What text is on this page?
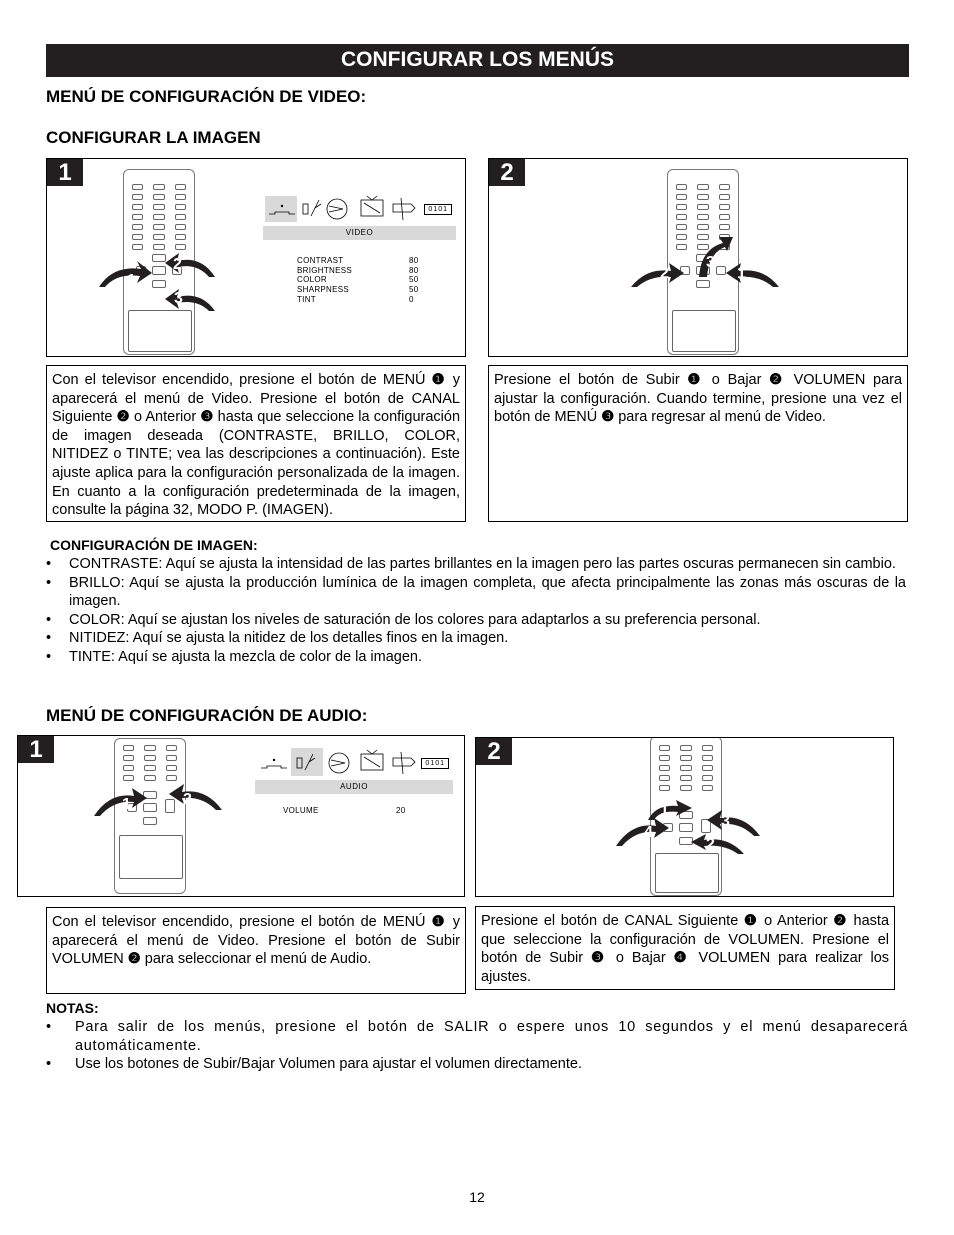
CONFIGURAR LOS MENÚS
MENÚ DE CONFIGURACIÓN DE VIDEO:
CONFIGURAR LA IMAGEN
1
1
2
3
0101
VIDEO
CONTRAST	80
BRIGHTNESS	80
COLOR	50
SHARPNESS	50
TINT	0
2
2
3
1
Con el televisor encendido, presione el botón de MENÚ ❶ y aparecerá el menú de Video. Presione el botón de CANAL Siguiente ❷ o Anterior ❸ hasta que seleccione la configuración de imagen deseada (CONTRASTE, BRILLO, COLOR, NITIDEZ o TINTE; vea las descripciones a continuación). Este ajuste aplica para la configuración personalizada de la imagen. En cuanto a la configuración predeterminada de la imagen, consulte la página 32, MODO P. (IMAGEN).
Presione el botón de Subir ❶ o Bajar ❷ VOLUMEN para ajustar la configuración. Cuando termine, presione una vez el botón de MENÚ ❸ para regresar al menú de Video.
CONFIGURACIÓN DE IMAGEN:
• CONTRASTE: Aquí se ajusta la intensidad de las partes brillantes en la imagen pero las partes oscuras permanecen sin cambio.
• BRILLO: Aquí se ajusta la producción lumínica de la imagen completa, que afecta principalmente las zonas más oscuras de la imagen.
• COLOR: Aquí se ajustan los niveles de saturación de los colores para adaptarlos a su preferencia personal.
• NITIDEZ: Aquí se ajusta la nitidez de los detalles finos en la imagen.
• TINTE: Aquí se ajusta la mezcla de color de la imagen.
MENÚ DE CONFIGURACIÓN DE AUDIO:
1
1	2
0101
AUDIO
VOLUME	20
2
1
4
3
2
Con el televisor encendido, presione el botón de MENÚ ❶ y aparecerá el menú de Video. Presione el botón de Subir VOLUMEN ❷ para seleccionar el menú de Audio.
Presione el botón de CANAL Siguiente ❶ o Anterior ❷ hasta que seleccione la configuración de VOLUMEN. Presione el botón de Subir ❸ o Bajar ❹ VOLUMEN para realizar los ajustes.
NOTAS:
• Para salir de los menús, presione el botón de SALIR o espere unos 10 segundos y el menú desaparecerá automáticamente.
• Use los botones de Subir/Bajar Volumen para ajustar el volumen directamente.
12
